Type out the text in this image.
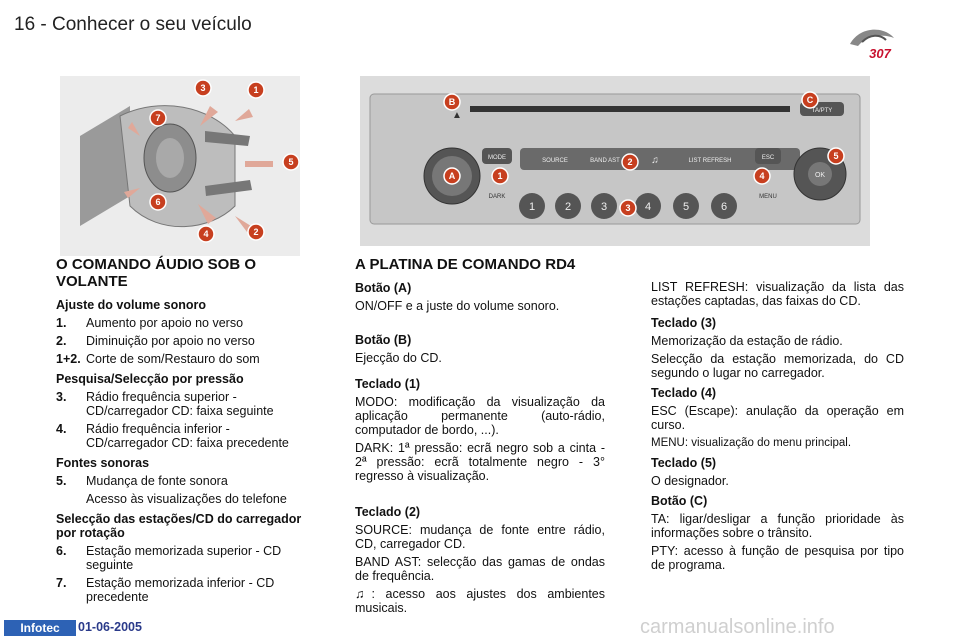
16 - Conhecer o seu veículo
307
3	1
7
5
6
4	2
▲	TA/PTY
MODE
DARK
SOURCE	BAND AST	♫	LIST REFRESH	ESC
MENU
OK
1	2	3	4	5	6
B	C
A	1
2
4
5
3
O COMANDO ÁUDIO SOB O VOLANTE
Ajuste do volume sonoro
1.	Aumento por apoio no verso
2.	Diminuição por apoio no verso
1+2. Corte de som/Restauro do som
Pesquisa/Selecção por pressão
3.	Rádio frequência superior - CD/carregador CD: faixa seguinte
4.	Rádio frequência inferior - CD/carregador CD: faixa precedente
Fontes sonoras
5.	Mudança de fonte sonora

Acesso às visualizações do telefone

Selecção das estações/CD do carregador por rotação
6.	Estação memorizada superior - CD seguinte
7.	Estação memorizada inferior - CD precedente
A PLATINA DE COMANDO RD4
Botão (A)

ON/OFF e a juste do volume sonoro.

Botão (B)

Ejecção do CD.

Teclado (1)

MODO: modificação da visualização da aplicação permanente (auto-rádio, computador de bordo, ...).

DARK: 1ª pressão: ecrã negro sob a cinta - 2ª pressão: ecrã totalmente negro - 3° regresso à visualização.

Teclado (2)

SOURCE: mudança de fonte entre rádio, CD, carregador CD.

BAND AST: selecção das gamas de ondas de frequência.

♫: acesso aos ajustes dos ambientes musicais.

LIST REFRESH: visualização da lista das estações captadas, das faixas do CD.

Teclado (3)

Memorização da estação de rádio.

Selecção da estação memorizada, do CD segundo o lugar no carregador.

Teclado (4)

ESC (Escape): anulação da operação em curso.

MENU: visualização do menu principal.

Teclado (5)

O designador.

Botão (C)

TA: ligar/desligar a função prioridade às informações sobre o trânsito.

PTY: acesso à função de pesquisa por tipo de programa.

Infotec	01-06-2005	carmanualsonline.info
